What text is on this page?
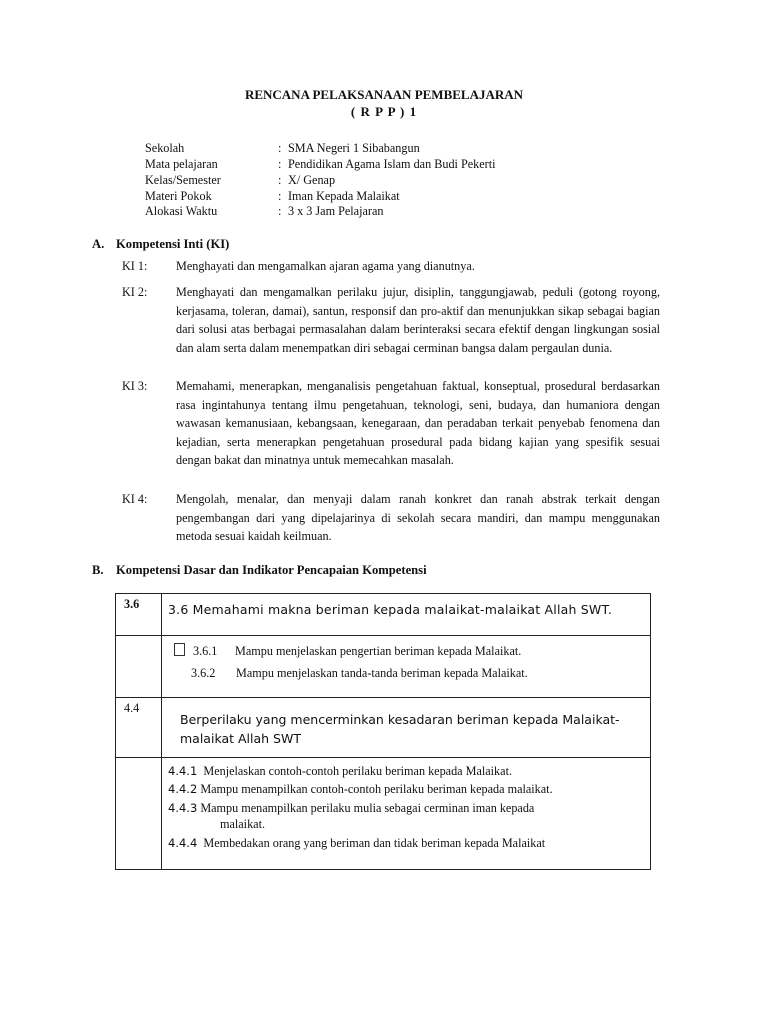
RENCANA PELAKSANAAN PEMBELAJARAN
( R P P ) 1
Sekolah	: SMA Negeri 1 Sibabangun
Mata pelajaran	: Pendidikan Agama Islam dan Budi Pekerti
Kelas/Semester	: X/ Genap
Materi Pokok	: Iman Kepada Malaikat
Alokasi Waktu	: 3 x 3 Jam Pelajaran
A. Kompetensi Inti (KI)
KI 1: Menghayati dan mengamalkan ajaran agama yang dianutnya.
KI 2: Menghayati dan mengamalkan perilaku jujur, disiplin, tanggungjawab, peduli (gotong royong, kerjasama, toleran, damai), santun, responsif dan pro-aktif dan menunjukkan sikap sebagai bagian dari solusi atas berbagai permasalahan dalam berinteraksi secara efektif dengan lingkungan sosial dan alam serta dalam menempatkan diri sebagai cerminan bangsa dalam pergaulan dunia.
KI 3: Memahami, menerapkan, menganalisis pengetahuan faktual, konseptual, prosedural berdasarkan rasa ingintahunya tentang ilmu pengetahuan, teknologi, seni, budaya, dan humaniora dengan wawasan kemanusiaan, kebangsaan, kenegaraan, dan peradaban terkait penyebab fenomena dan kejadian, serta menerapkan pengetahuan prosedural pada bidang kajian yang spesifik sesuai dengan bakat dan minatnya untuk memecahkan masalah.
KI 4: Mengolah, menalar, dan menyaji dalam ranah konkret dan ranah abstrak terkait dengan pengembangan dari yang dipelajarinya di sekolah secara mandiri, dan mampu menggunakan metoda sesuai kaidah keilmuan.
B. Kompetensi Dasar dan Indikator Pencapaian Kompetensi
3.6	3.6 Memahami makna beriman kepada malaikat-malaikat Allah SWT.

	3.6.1 Mampu menjelaskan pengertian beriman kepada Malaikat.
3.6.2 Mampu menjelaskan tanda-tanda beriman kepada Malaikat.

4.4	Berperilaku yang mencerminkan kesadaran beriman kepada Malaikat-
malaikat Allah SWT

	4.4.1 Menjelaskan contoh-contoh perilaku beriman kepada Malaikat.
4.4.2 Mampu menampilkan contoh-contoh perilaku beriman kepada malaikat.
4.4.3 Mampu menampilkan perilaku mulia sebagai cerminan iman kepada
malaikat.
4.4.4 Membedakan orang yang beriman dan tidak beriman kepada Malaikat
